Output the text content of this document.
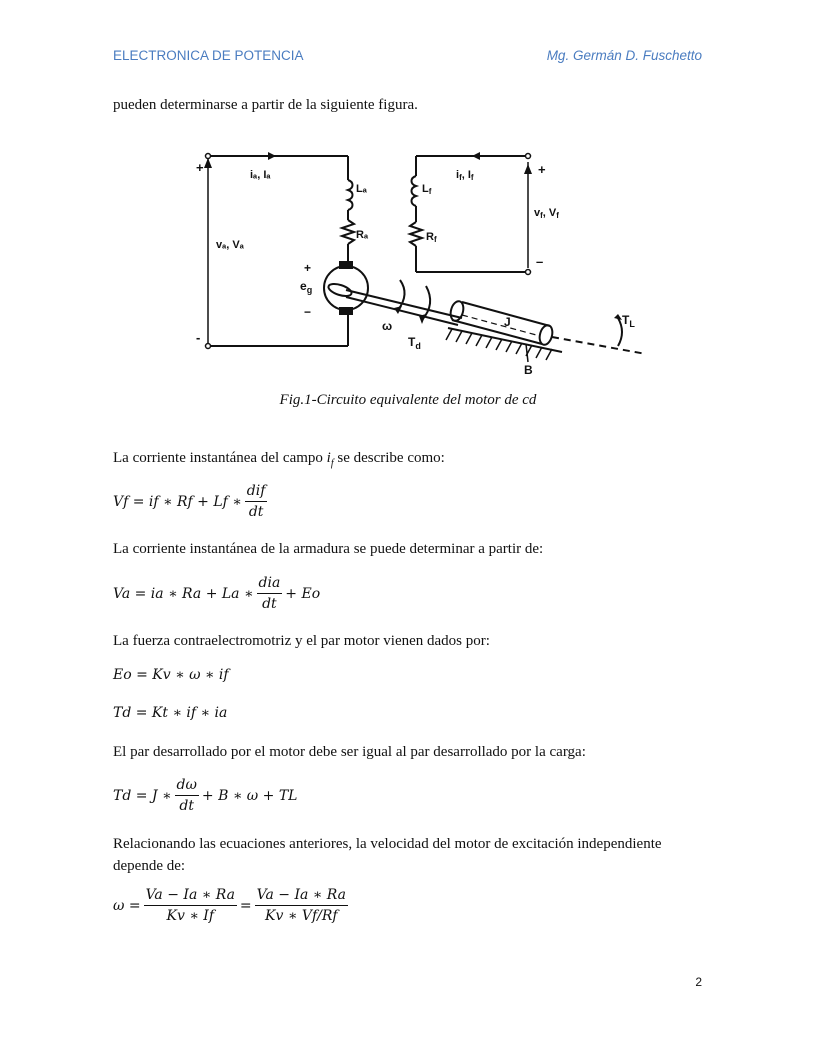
ELECTRONICA DE POTENCIA	Mg. Germán D. Fuschetto
pueden determinarse a partir de la siguiente figura.
+
-
iₐ, Iₐ
Lₐ
Rₐ
vₐ, Vₐ
+
$e_g$
−
ω
$T_d$
J
B
$T_L$
if, If
Lf
Rf
vf, Vf
+
–
Fig.1-Circuito equivalente del motor de cd
La corriente instantánea del campo $i_f$ se describe como:
Vf = if ∗ Rf + Lf ∗ $\frac{\text{dif}}{dt}$
La corriente instantánea de la armadura se puede determinar a partir de:
Va = ia ∗ Ra + La ∗ $\frac{\text{dia}}{dt} + Eo$
La fuerza contraelectromotriz y el par motor vienen dados por:
Eo = Kv ∗ ω ∗ if
Td = Kt ∗ if ∗ ia
El par desarrollado por el motor debe ser igual al par desarrollado por la carga:
Td = J ∗ $\frac{d\omega}{dt} + B$ ∗ ω + TL
Relacionando las ecuaciones anteriores, la velocidad del motor de excitación independiente depende de:
$\omega = \frac{Va - Ia ∗ Ra}{Kv ∗ If} = \frac{Va - Ia ∗ Ra}{Kv ∗ Vf/Rf}$
2
